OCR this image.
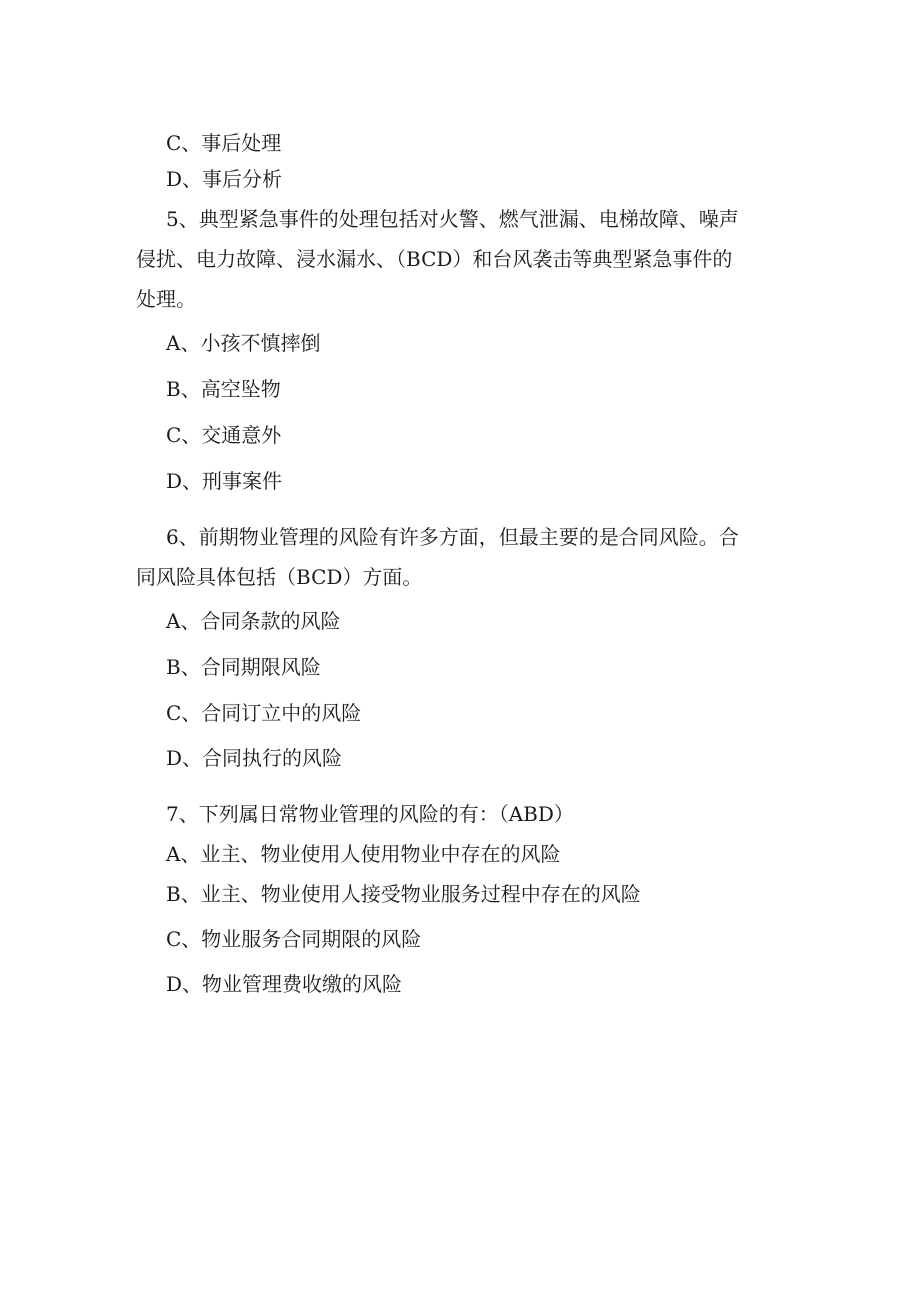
C、事后处理
D、事后分析
5、典型紧急事件的处理包括对火警、燃气泄漏、电梯故障、噪声
侵扰、电力故障、浸水漏水、（BCD）和台风袭击等典型紧急事件的
处理。
A、小孩不慎摔倒
B、高空坠物
C、交通意外
D、刑事案件
6、前期物业管理的风险有许多方面，但最主要的是合同风险。合
同风险具体包括（BCD）方面。
A、合同条款的风险
B、合同期限风险
C、合同订立中的风险
D、合同执行的风险
7、下列属日常物业管理的风险的有：（ABD）
A、业主、物业使用人使用物业中存在的风险
B、业主、物业使用人接受物业服务过程中存在的风险
C、物业服务合同期限的风险
D、物业管理费收缴的风险
